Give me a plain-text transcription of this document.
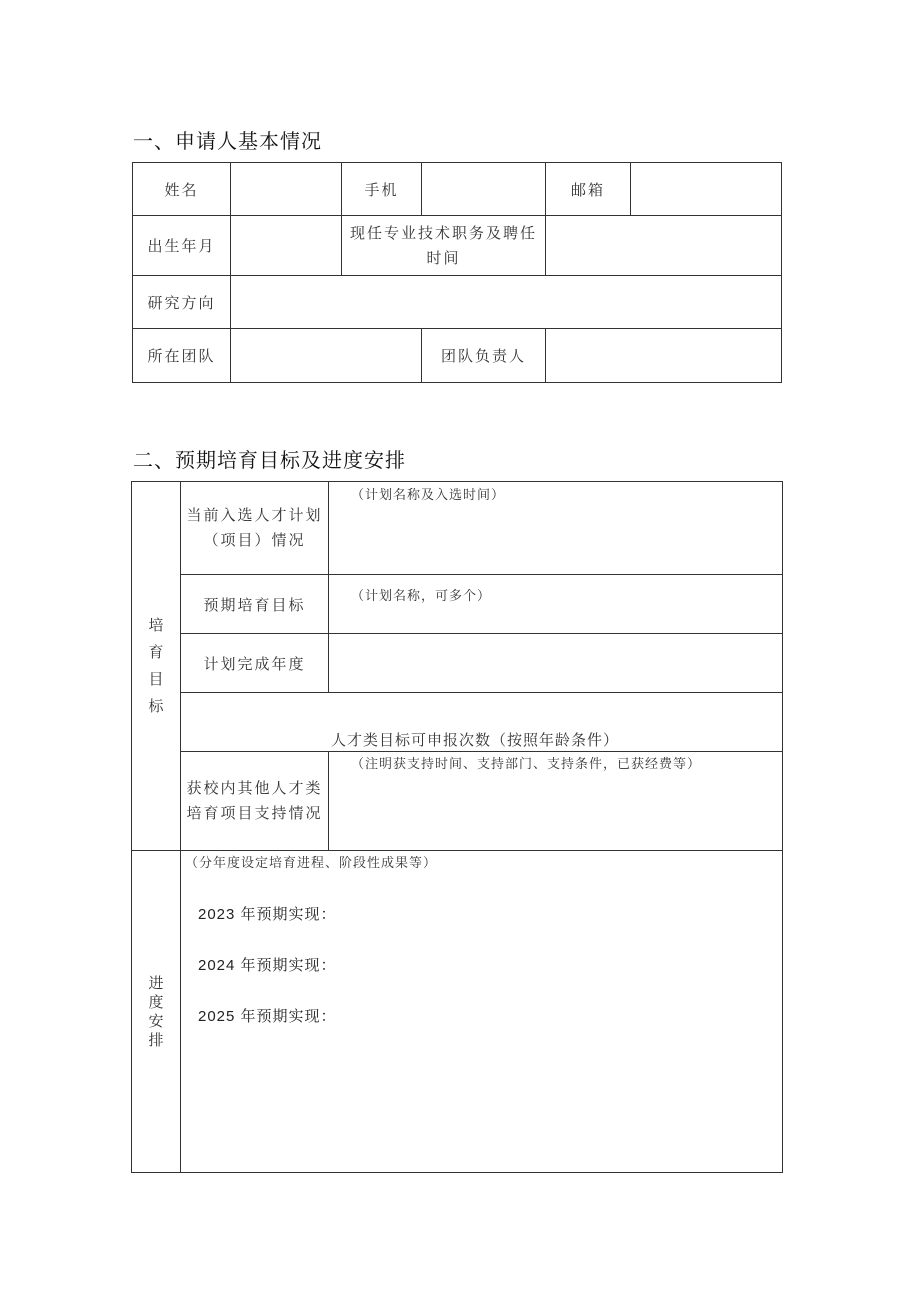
一、申请人基本情况
姓名		手机		邮箱	
出生年月		现任专业技术职务及聘任时间			
研究方向					
所在团队			团队负责人		
二、预期培育目标及进度安排
培育目标	当前入选人才计划（项目）情况	（计划名称及入选时间）

	预期培育目标	（计划名称，可多个）

	计划完成年度	

	人才类目标可申报次数（按照年龄条件）	

	获校内其他人才类培育项目支持情况	（注明获支持时间、支持部门、支持条件，已获经费等）

进度安排	（分年度设定培育进程、阶段性成果等）
2023 年预期实现：
2024 年预期实现：
2025 年预期实现：	
